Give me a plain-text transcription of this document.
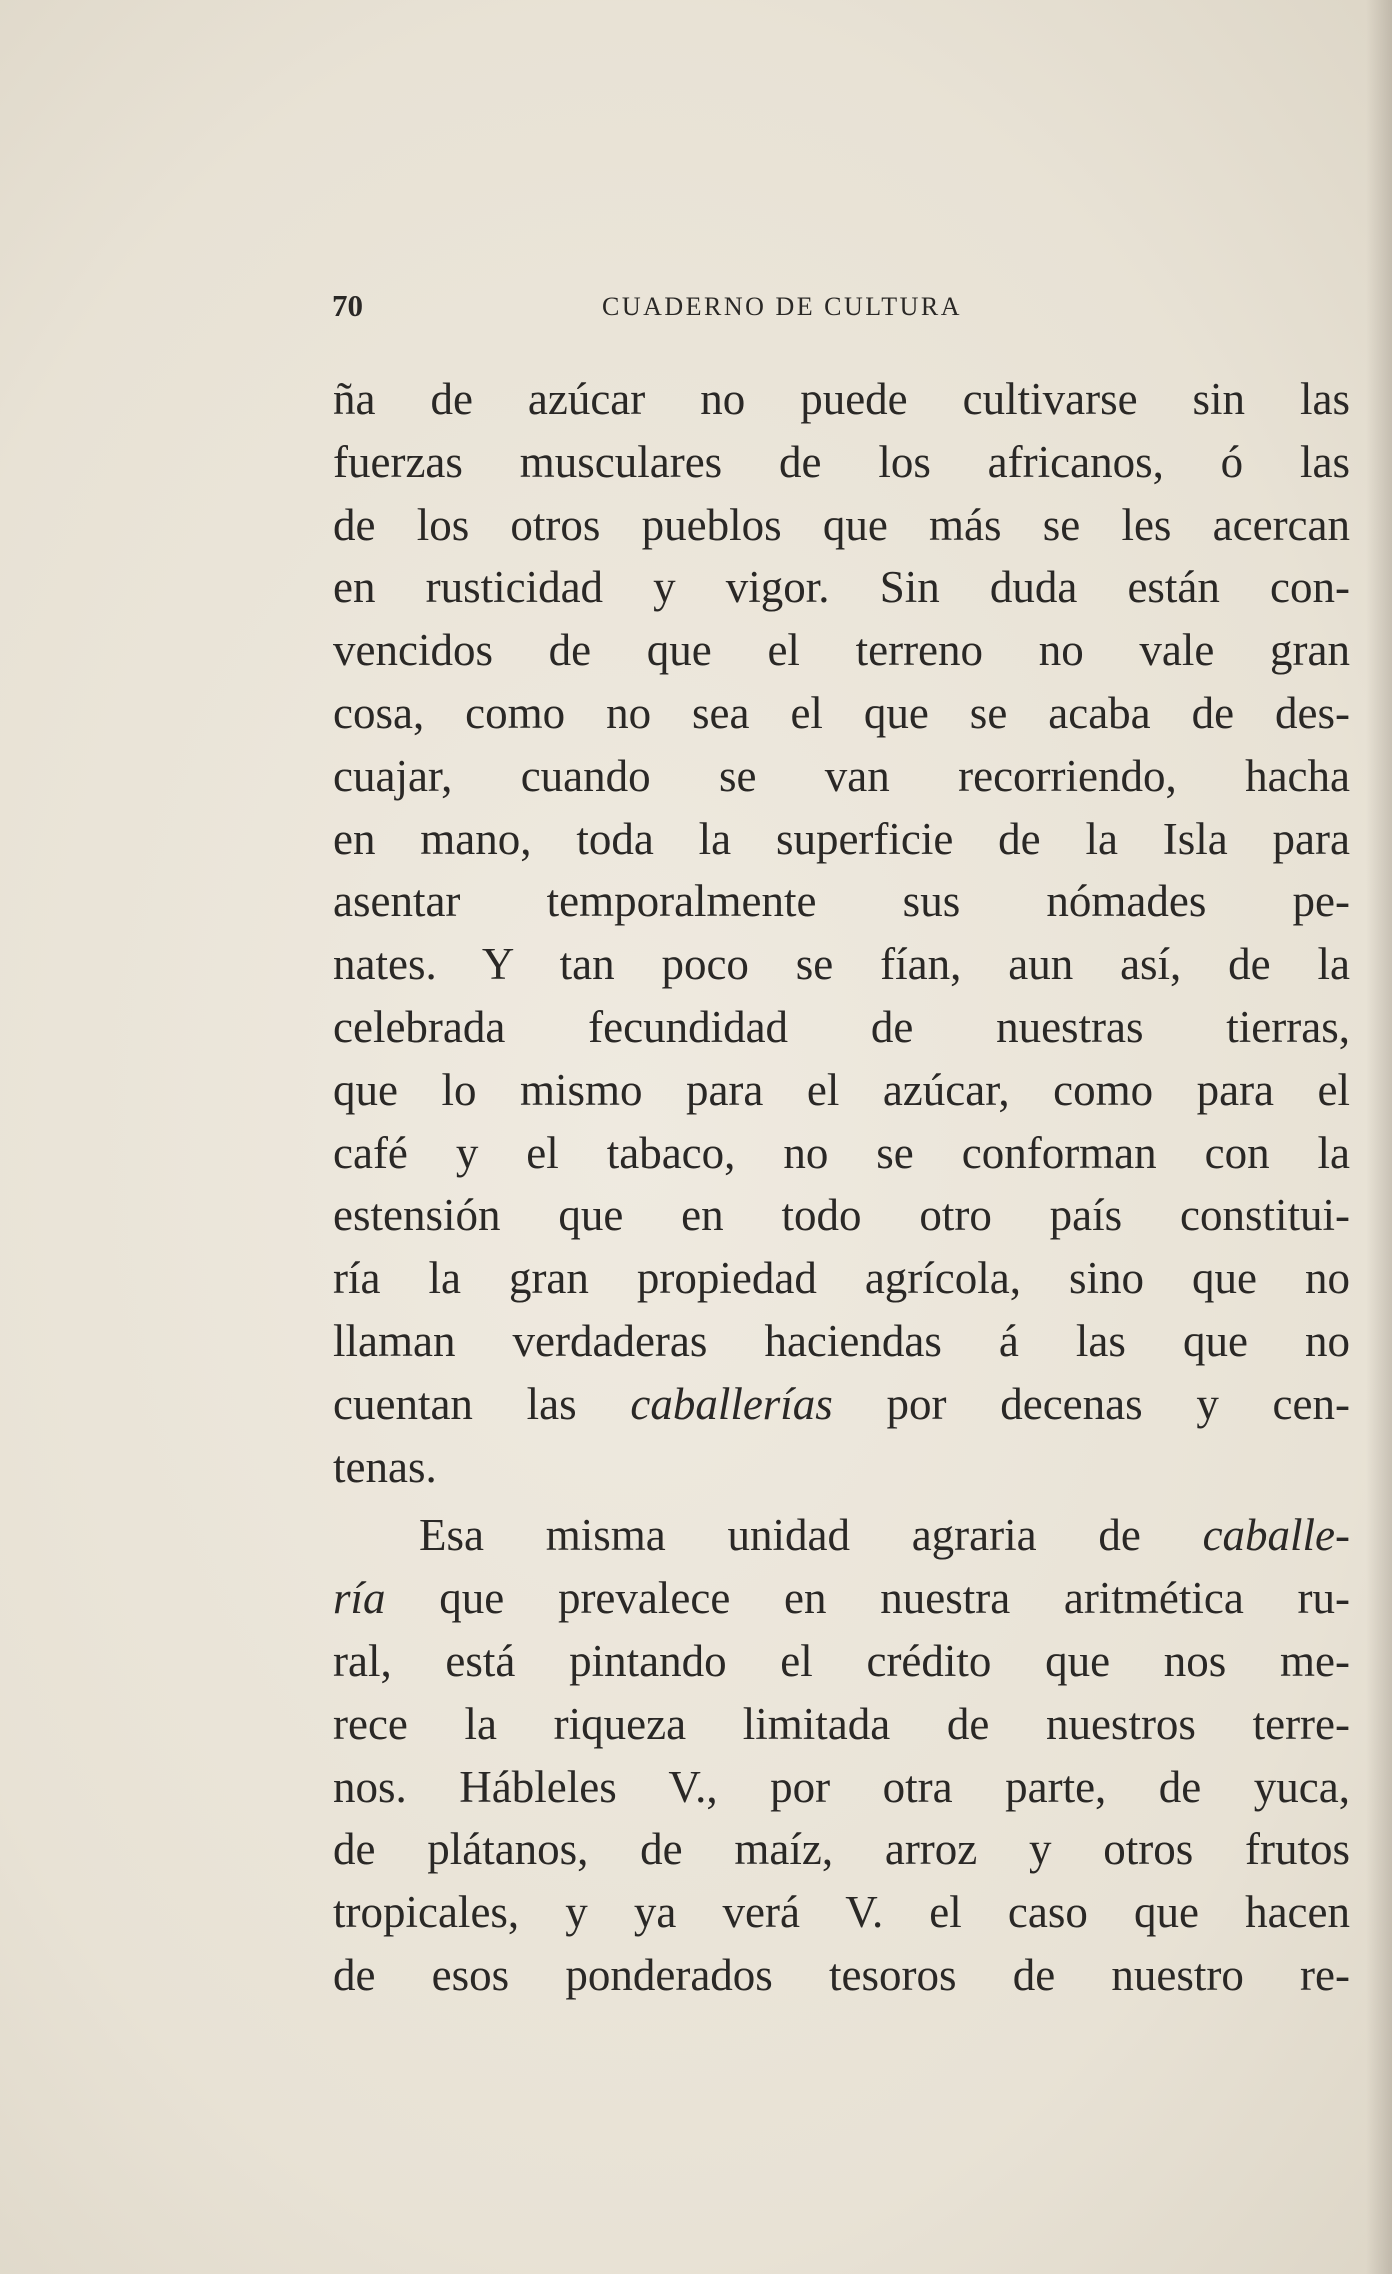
70	CUADERNO DE CULTURA
ña de azúcar no puede cultivarse sin las
fuerzas musculares de los africanos, ó las
de los otros pueblos que más se les acercan
en rusticidad y vigor. Sin duda están con-
vencidos de que el terreno no vale gran
cosa, como no sea el que se acaba de des-
cuajar, cuando se van recorriendo, hacha
en mano, toda la superficie de la Isla para
asentar temporalmente sus nómades pe-
nates. Y tan poco se fían, aun así, de la
celebrada fecundidad de nuestras tierras,
que lo mismo para el azúcar, como para el
café y el tabaco, no se conforman con la
estensión que en todo otro país constitui-
ría la gran propiedad agrícola, sino que no
llaman verdaderas haciendas á las que no
cuentan las caballerías por decenas y cen-
tenas.
Esa misma unidad agraria de caballe-
ría que prevalece en nuestra aritmética ru-
ral, está pintando el crédito que nos me-
rece la riqueza limitada de nuestros terre-
nos. Hábleles V., por otra parte, de yuca,
de plátanos, de maíz, arroz y otros frutos
tropicales, y ya verá V. el caso que hacen
de esos ponderados tesoros de nuestro re-
